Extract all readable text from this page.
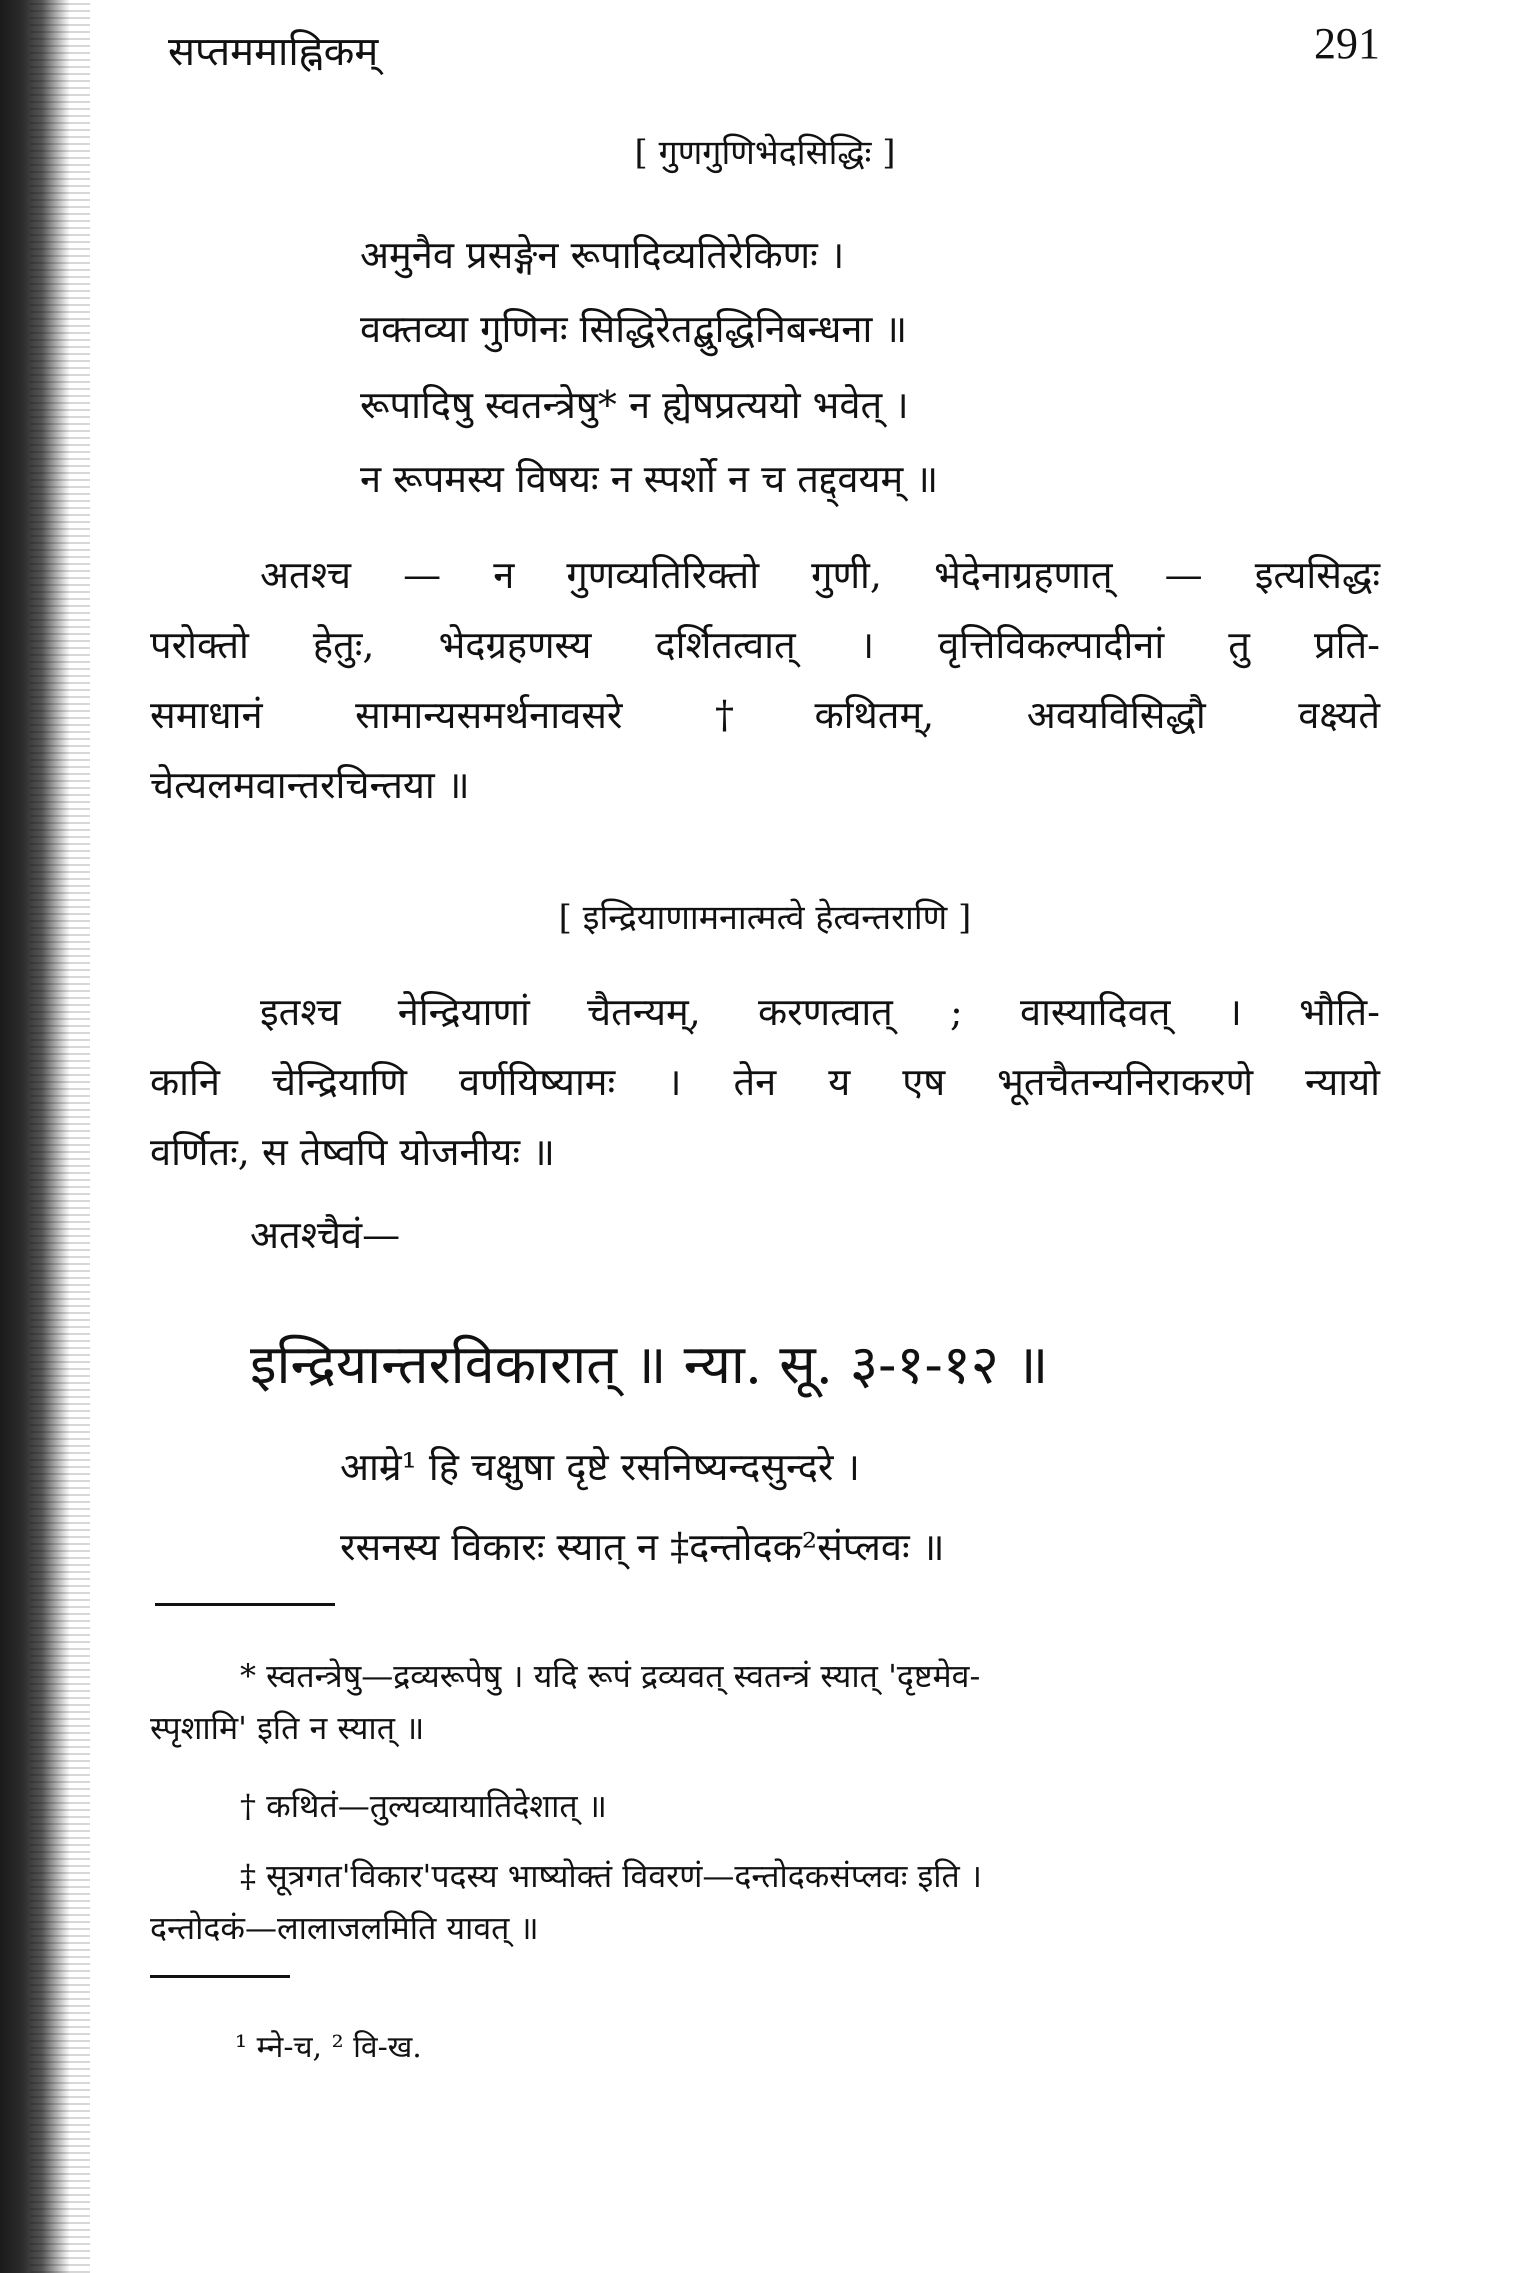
सप्तममाह्निकम्	291
[ गुणगुणिभेदसिद्धिः ]
अमुनैव प्रसङ्गेन रूपादिव्यतिरेकिणः ।
वक्तव्या गुणिनः सिद्धिरेतद्बुद्धिनिबन्धना ॥
रूपादिषु स्वतन्त्रेषु* न ह्येषप्रत्ययो भवेत् ।
न रूपमस्य विषयः न स्पर्शो न च तद्द्वयम् ॥
अतश्च — न गुणव्यतिरिक्तो गुणी, भेदेनाग्रहणात् — इत्यसिद्धः
परोक्तो हेतुः, भेदग्रहणस्य दर्शितत्वात् । वृत्तिविकल्पादीनां तु प्रति-
समाधानं सामान्यसमर्थनावसरे †कथितम्, अवयविसिद्धौ वक्ष्यते
चेत्यलमवान्तरचिन्तया ॥
[ इन्द्रियाणामनात्मत्वे हेत्वन्तराणि ]
इतश्च नेन्द्रियाणां चैतन्यम्, करणत्वात् ; वास्यादिवत् । भौति-
कानि चेन्द्रियाणि वर्णयिष्यामः । तेन य एष भूतचैतन्यनिराकरणे न्यायो
वर्णितः, स तेष्वपि योजनीयः ॥
अतश्चैवं—
इन्द्रियान्तरविकारात् ॥ न्या. सू. ३-१-१२ ॥
आम्रे¹ हि चक्षुषा दृष्टे रसनिष्यन्दसुन्दरे ।
रसनस्य विकारः स्यात् न ‡दन्तोदक²संप्लवः ॥
* स्वतन्त्रेषु—द्रव्यरूपेषु । यदि रूपं द्रव्यवत् स्वतन्त्रं स्यात् 'दृष्टमेव-
स्पृशामि' इति न स्यात् ॥
† कथितं—तुल्यव्यायातिदेशात् ॥
‡ सूत्रगत'विकार'पदस्य भाष्योक्तं विवरणं—दन्तोदकसंप्लवः इति ।
दन्तोदकं—लालाजलमिति यावत् ॥
¹ म्ने-च, ² वि-ख.
